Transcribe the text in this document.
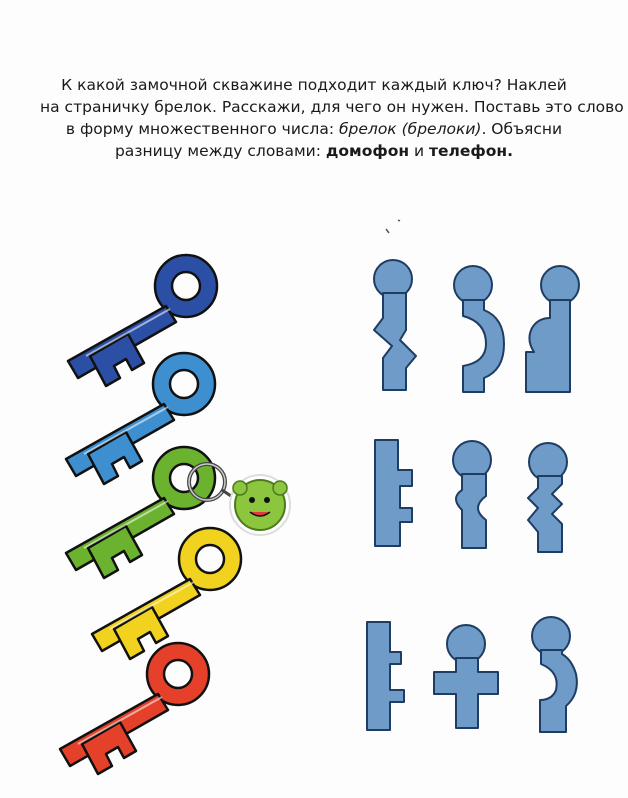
К какой замочной скважине подходит каждый ключ? Наклей
на страничку брелок. Расскажи, для чего он нужен. Поставь это слово
в форму множественного числа: брелок (брелоки). Объясни
разницу между словами: домофон и телефон.
